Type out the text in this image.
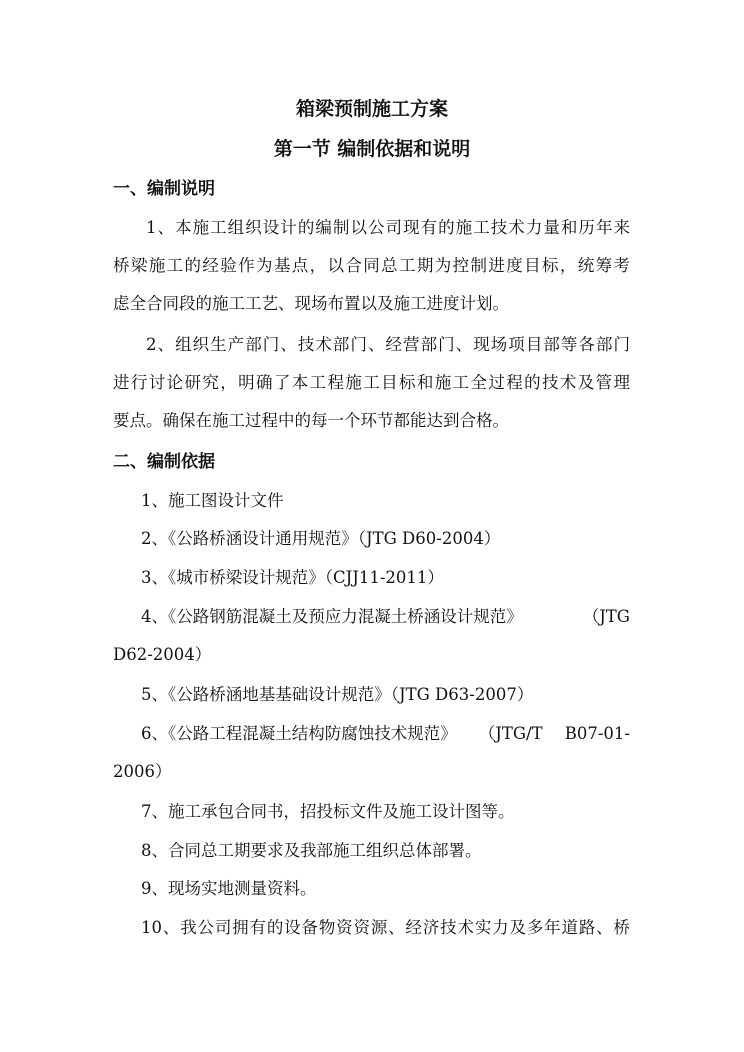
箱梁预制施工方案
第一节 编制依据和说明
一、编制说明
1、本施工组织设计的编制以公司现有的施工技术力量和历年来
桥梁施工的经验作为基点，以合同总工期为控制进度目标，统筹考
虑全合同段的施工工艺、现场布置以及施工进度计划。
2、组织生产部门、技术部门、经营部门、现场项目部等各部门
进行讨论研究，明确了本工程施工目标和施工全过程的技术及管理
要点。确保在施工过程中的每一个环节都能达到合格。
二、编制依据
1、施工图设计文件
2、《公路桥涵设计通用规范》（JTG D60-2004）
3、《城市桥梁设计规范》（CJJ11-2011）
4、《公路钢筋混凝土及预应力混凝土桥涵设计规范》	（JTG
D62-2004）
5、《公路桥涵地基基础设计规范》（JTG D63-2007）
6、《公路工程混凝土结构防腐蚀技术规范》 （JTG/T B07-01-
2006）
7、施工承包合同书，招投标文件及施工设计图等。
8、合同总工期要求及我部施工组织总体部署。
9、现场实地测量资料。
10、我公司拥有的设备物资资源、经济技术实力及多年道路、桥
